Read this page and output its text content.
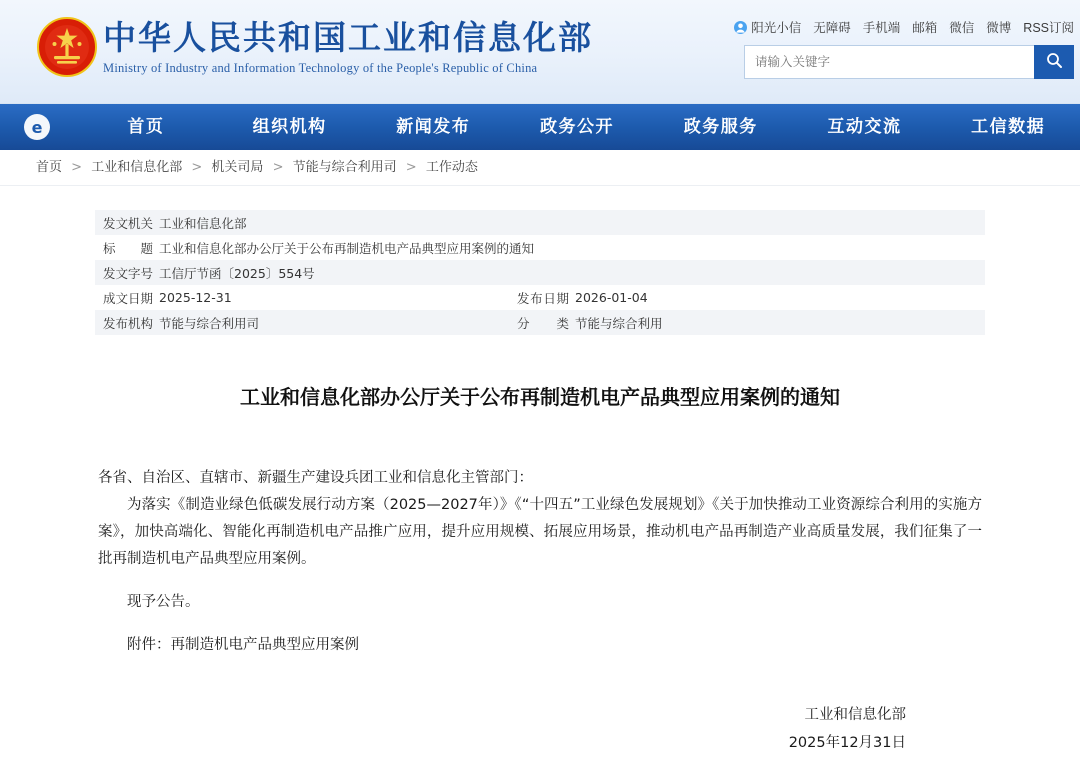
中华人民共和国工业和信息化部
Ministry of Industry and Information Technology of the People's Republic of China
阳光小信 无障碍 手机端 邮箱 微信 微博 RSS订阅
请输入关键字
e	首页	组织机构	新闻发布	政务公开	政务服务	互动交流	工信数据
首页 > 工业和信息化部 > 机关司局 > 节能与综合利用司 > 工作动态
发文机关	工业和信息化部		
标　　题	工业和信息化部办公厅关于公布再制造机电产品典型应用案例的通知		
发文字号	工信厅节函〔2025〕554号		
成文日期	2025-12-31	发布日期	2026-01-04
发布机构	节能与综合利用司	分　　类	节能与综合利用
工业和信息化部办公厅关于公布再制造机电产品典型应用案例的通知

各省、自治区、直辖市、新疆生产建设兵团工业和信息化主管部门：

为落实《制造业绿色低碳发展行动方案（2025—2027年）》《“十四五”工业绿色发展规划》《关于加快推动工业资源综合利用的实施方案》，加快高端化、智能化再制造机电产品推广应用，提升应用规模、拓展应用场景，推动机电产品再制造产业高质量发展，我们征集了一批再制造机电产品典型应用案例。

现予公告。

附件：再制造机电产品典型应用案例

工业和信息化部
2025年12月31日
